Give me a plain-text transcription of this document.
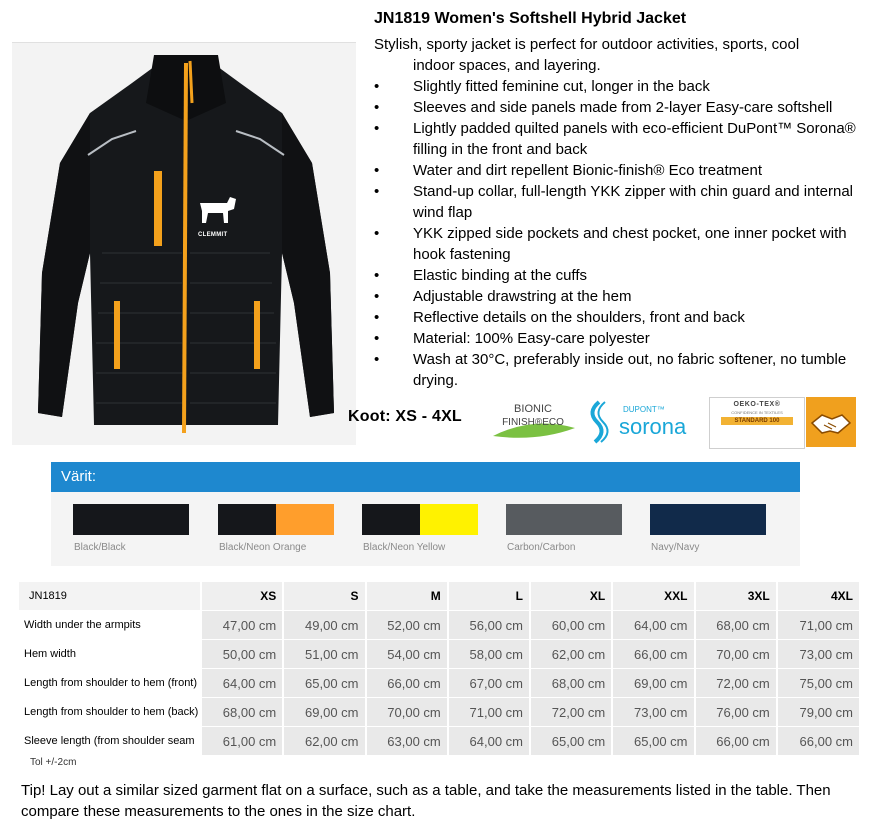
CLEMMIT
JN1819 Women's Softshell Hybrid Jacket
Stylish, sporty jacket is perfect for outdoor activities, sports, cool
indoor spaces, and layering.
• Slightly fitted feminine cut, longer in the back
• Sleeves and side panels made from 2-layer Easy-care softshell
• Lightly padded quilted panels with eco-efficient DuPont™ Sorona® filling in the front and back
• Water and dirt repellent Bionic-finish® Eco treatment
• Stand-up collar, full-length YKK zipper with chin guard and internal wind flap
• YKK zipped side pockets and chest pocket, one inner pocket with hook fastening
• Elastic binding at the cuffs
• Adjustable drawstring at the hem
• Reflective details on the shoulders, front and back
• Material: 100% Easy-care polyester
• Wash at 30°C, preferably inside out, no fabric softener, no tumble drying.
Koot: XS - 4XL	BIONIC
FINISH®ECO
DUPONT™
sorona
OEKO-TEX®
CONFIDENCE IN TEXTILES
STANDARD 100
Värit:
Black/Black	Black/Neon Orange	Black/Neon Yellow	Carbon/Carbon	Navy/Navy
JN1819	XS	S	M	L	XL	XXL	3XL	4XL
Width under the armpits	47,00 cm	49,00 cm	52,00 cm	56,00 cm	60,00 cm	64,00 cm	68,00 cm	71,00 cm
Hem width	50,00 cm	51,00 cm	54,00 cm	58,00 cm	62,00 cm	66,00 cm	70,00 cm	73,00 cm
Length from shoulder to hem (front)	64,00 cm	65,00 cm	66,00 cm	67,00 cm	68,00 cm	69,00 cm	72,00 cm	75,00 cm
Length from shoulder to hem (back)	68,00 cm	69,00 cm	70,00 cm	71,00 cm	72,00 cm	73,00 cm	76,00 cm	79,00 cm
Sleeve length (from shoulder seam	61,00 cm	62,00 cm	63,00 cm	64,00 cm	65,00 cm	65,00 cm	66,00 cm	66,00 cm
Tol +/-2cm
Tip! Lay out a similar sized garment flat on a surface, such as a table, and take the measurements listed in the table. Then compare these measurements to the ones in the size chart.
